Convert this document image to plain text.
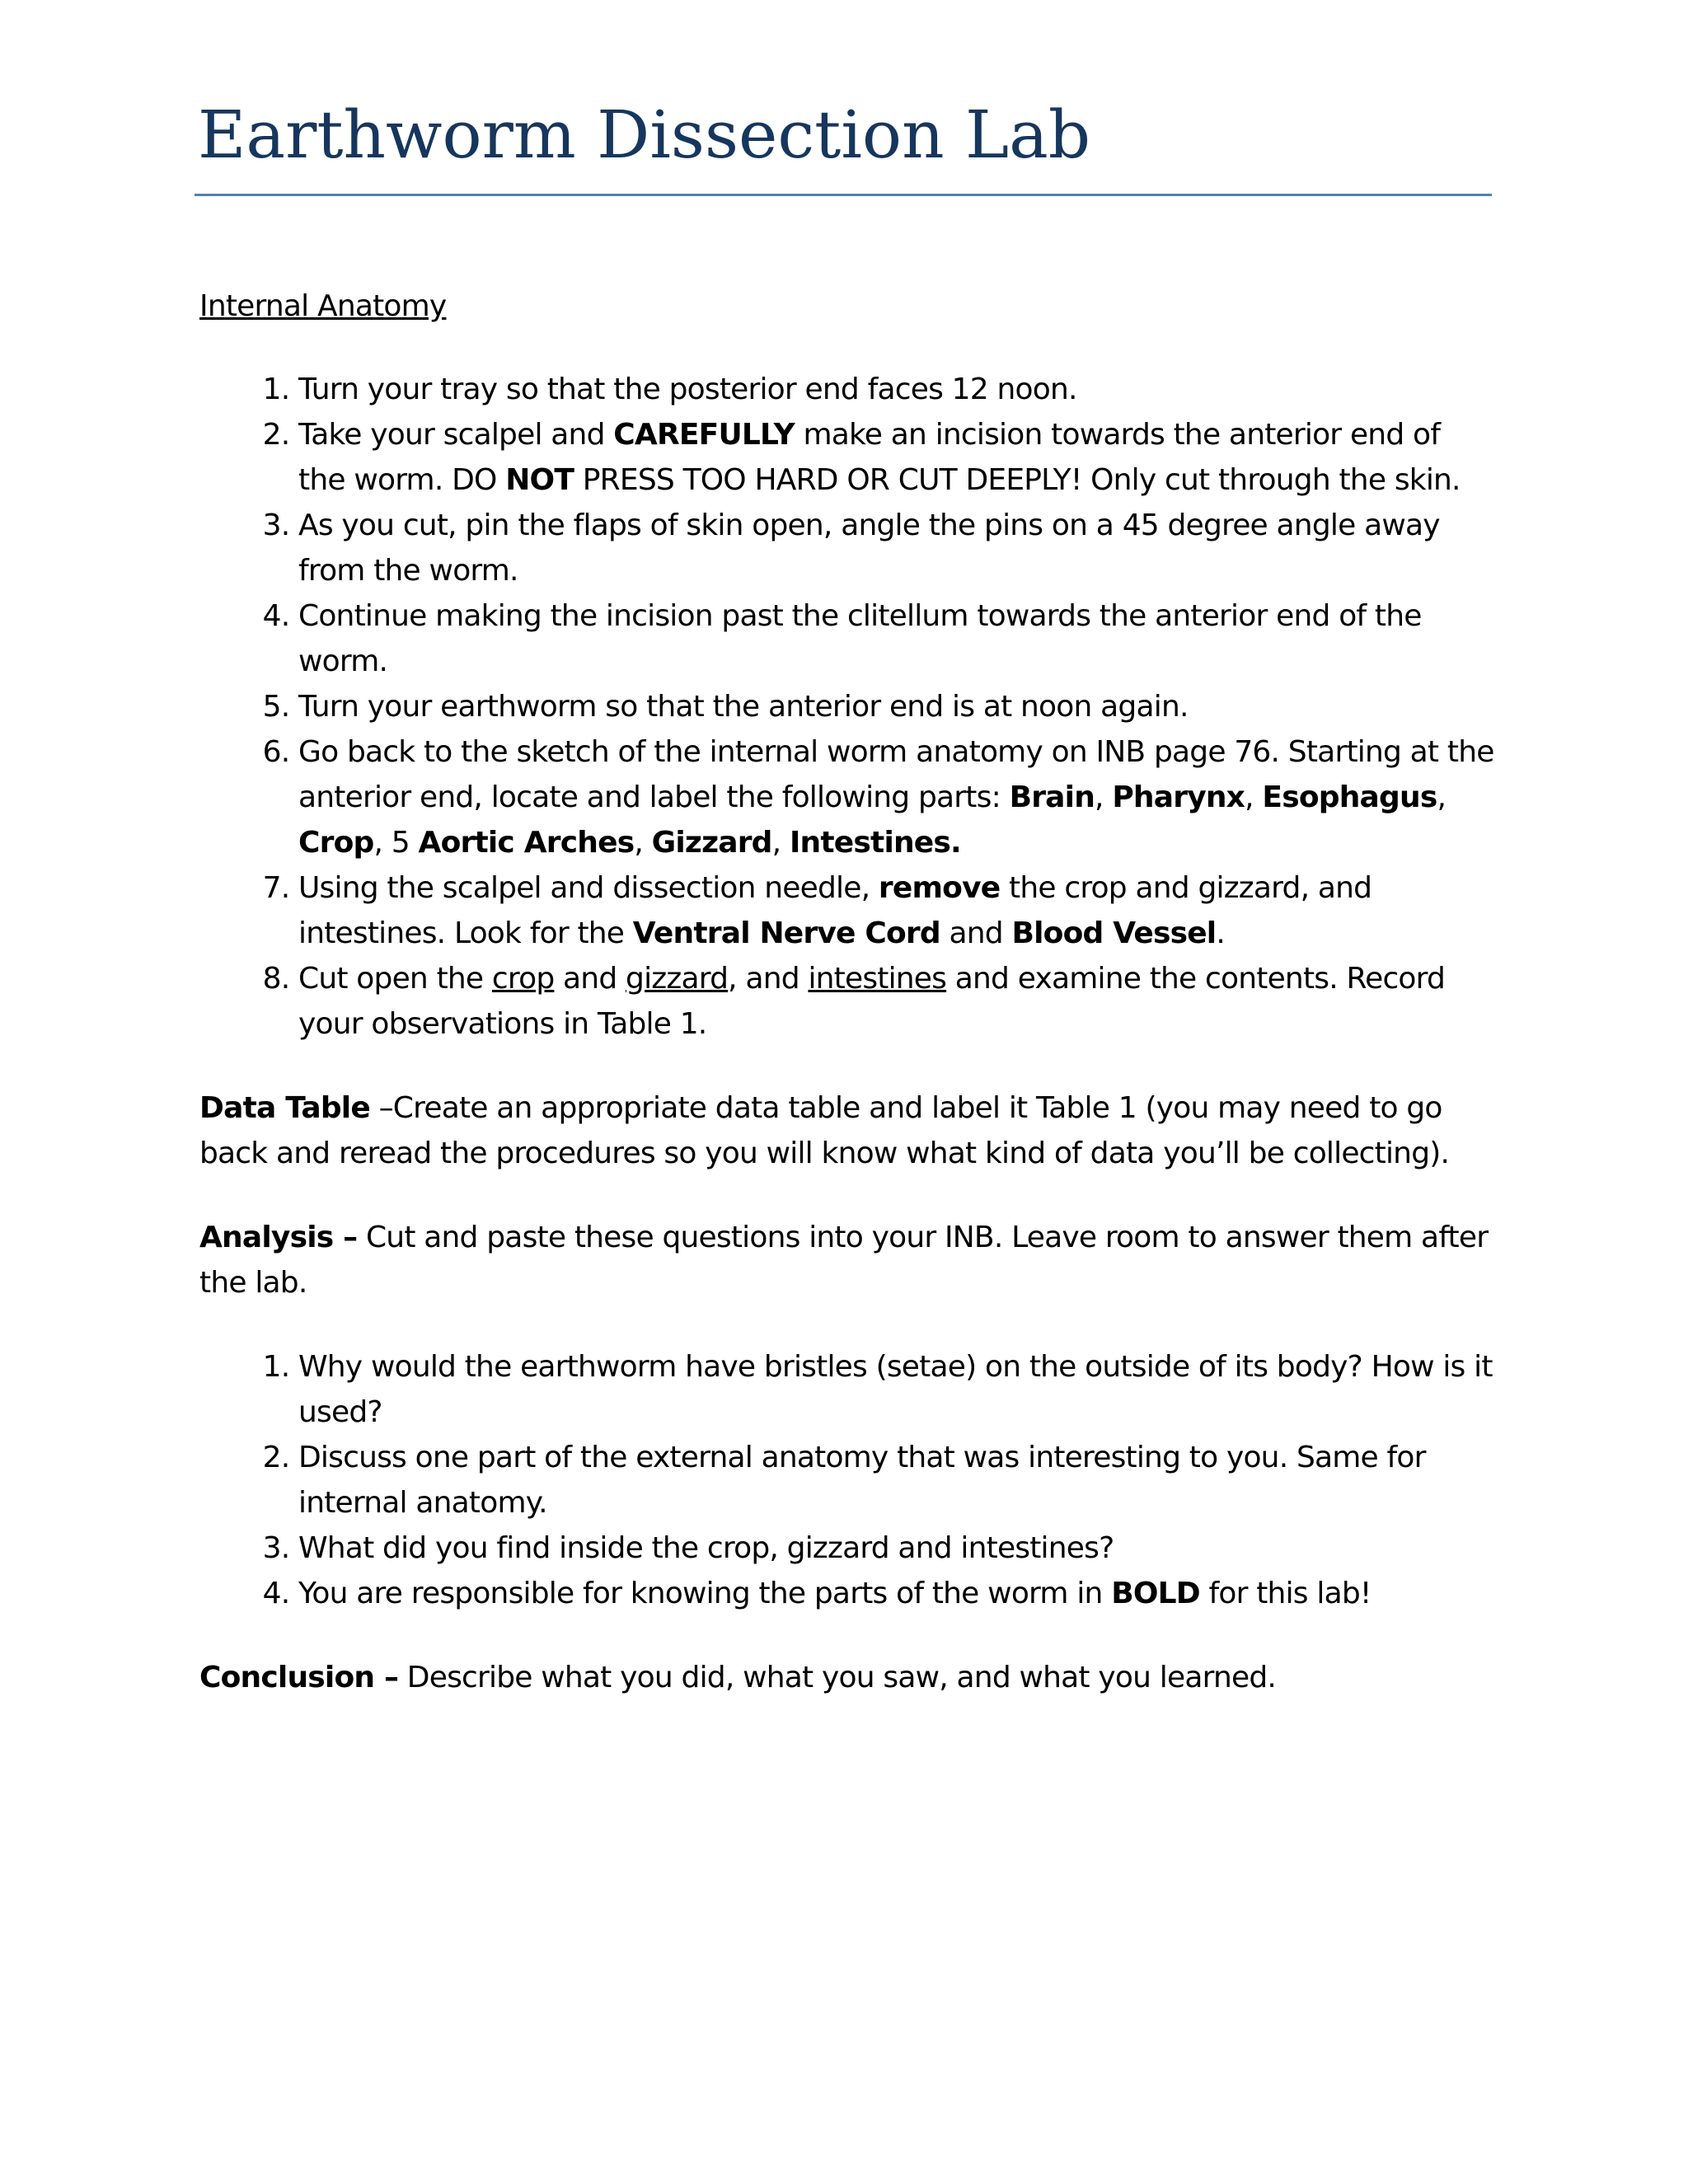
Earthworm Dissection Lab
Internal Anatomy
1. Turn your tray so that the posterior end faces 12 noon.
2. Take your scalpel and CAREFULLY make an incision towards the anterior end of the worm. DO NOT PRESS TOO HARD OR CUT DEEPLY! Only cut through the skin.
3. As you cut, pin the flaps of skin open, angle the pins on a 45 degree angle away from the worm.
4. Continue making the incision past the clitellum towards the anterior end of the worm.
5. Turn your earthworm so that the anterior end is at noon again.
6. Go back to the sketch of the internal worm anatomy on INB page 76. Starting at the anterior end, locate and label the following parts: Brain, Pharynx, Esophagus, Crop, 5 Aortic Arches, Gizzard, Intestines.
7. Using the scalpel and dissection needle, remove the crop and gizzard, and intestines. Look for the Ventral Nerve Cord and Blood Vessel.
8. Cut open the crop and gizzard, and intestines and examine the contents. Record your observations in Table 1.

Data Table –Create an appropriate data table and label it Table 1 (you may need to go back and reread the procedures so you will know what kind of data you’ll be collecting).

Analysis – Cut and paste these questions into your INB. Leave room to answer them after the lab.

1. Why would the earthworm have bristles (setae) on the outside of its body? How is it used?
2. Discuss one part of the external anatomy that was interesting to you. Same for internal anatomy.
3. What did you find inside the crop, gizzard and intestines?
4. You are responsible for knowing the parts of the worm in BOLD for this lab!

Conclusion – Describe what you did, what you saw, and what you learned.
